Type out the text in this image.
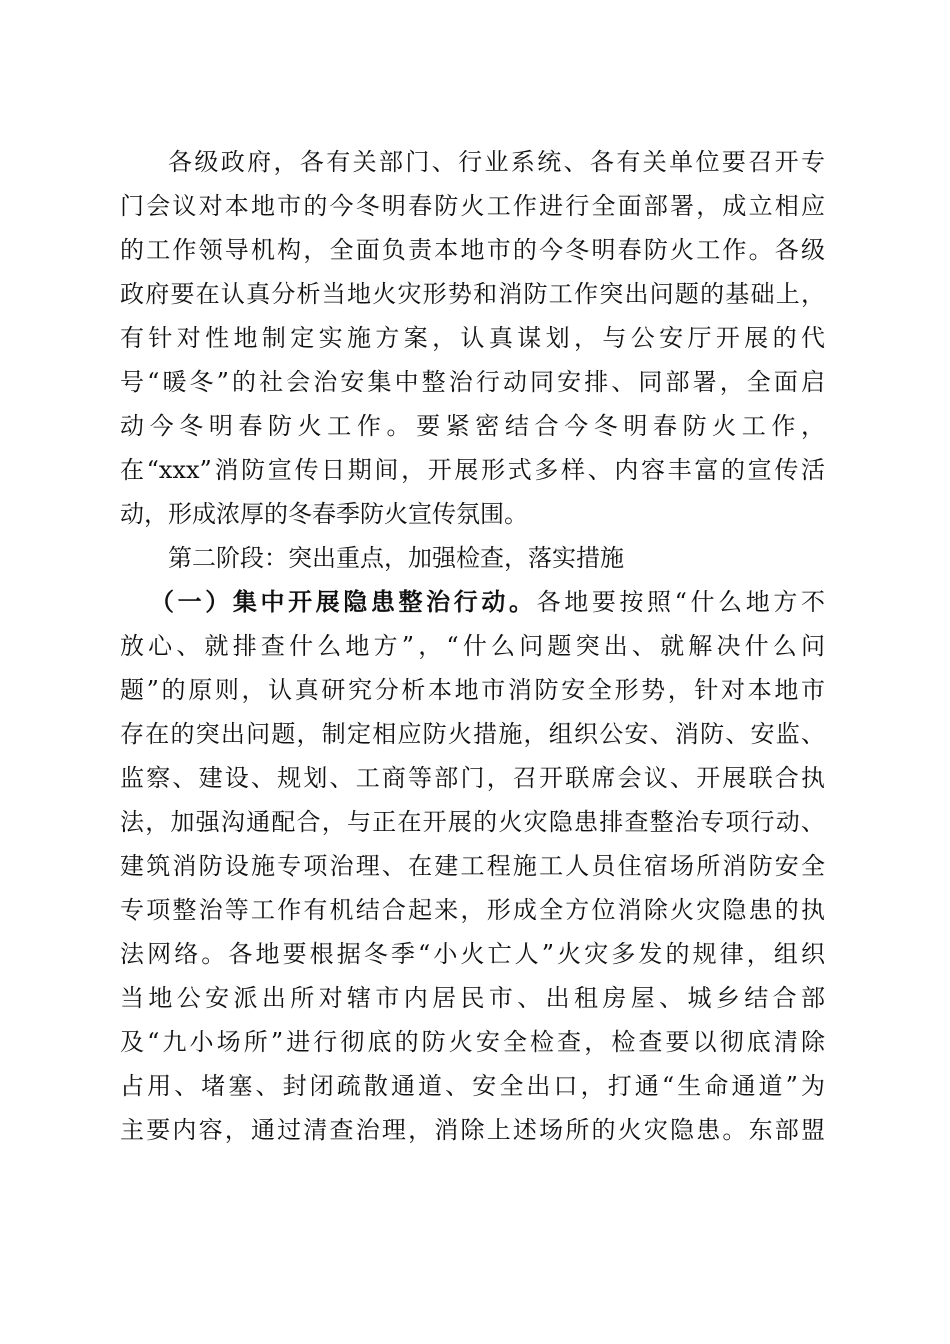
各级政府，各有关部门、行业系统、各有关单位要召开专
门会议对本地市的今冬明春防火工作进行全面部署，成立相应
的工作领导机构，全面负责本地市的今冬明春防火工作。各级
政府要在认真分析当地火灾形势和消防工作突出问题的基础上，
有针对性地制定实施方案，认真谋划，与公安厅开展的代
号“暖冬”的社会治安集中整治行动同安排、同部署，全面启
动今冬明春防火工作。要紧密结合今冬明春防火工作，
在“xxx”消防宣传日期间，开展形式多样、内容丰富的宣传活
动，形成浓厚的冬春季防火宣传氛围。
第二阶段：突出重点，加强检查，落实措施
（一）集中开展隐患整治行动。各地要按照“什么地方不
放心、就排查什么地方”，“什么问题突出、就解决什么问
题”的原则，认真研究分析本地市消防安全形势，针对本地市
存在的突出问题，制定相应防火措施，组织公安、消防、安监、
监察、建设、规划、工商等部门，召开联席会议、开展联合执
法，加强沟通配合，与正在开展的火灾隐患排查整治专项行动、
建筑消防设施专项治理、在建工程施工人员住宿场所消防安全
专项整治等工作有机结合起来，形成全方位消除火灾隐患的执
法网络。各地要根据冬季“小火亡人”火灾多发的规律，组织
当地公安派出所对辖市内居民市、出租房屋、城乡结合部
及“九小场所”进行彻底的防火安全检查，检查要以彻底清除
占用、堵塞、封闭疏散通道、安全出口，打通“生命通道”为
主要内容，通过清查治理，消除上述场所的火灾隐患。东部盟
